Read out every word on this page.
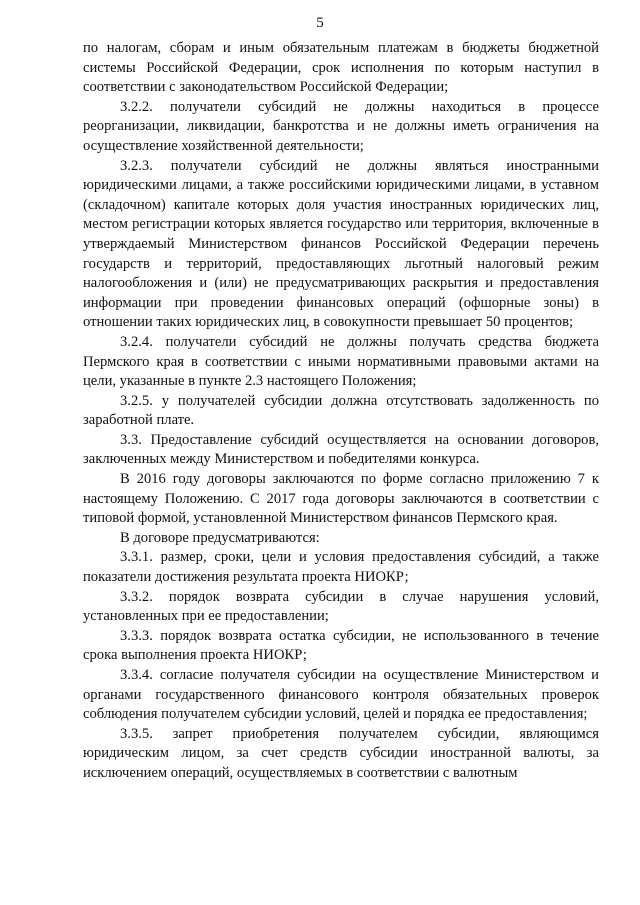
5

по налогам, сборам и иным обязательным платежам в бюджеты бюджетной системы Российской Федерации, срок исполнения по которым наступил в соответствии с законодательством Российской Федерации;

3.2.2. получатели субсидий не должны находиться в процессе реорганизации, ликвидации, банкротства и не должны иметь ограничения на осуществление хозяйственной деятельности;

3.2.3. получатели субсидий не должны являться иностранными юридическими лицами, а также российскими юридическими лицами, в уставном (складочном) капитале которых доля участия иностранных юридических лиц, местом регистрации которых является государство или территория, включенные в утверждаемый Министерством финансов Российской Федерации перечень государств и территорий, предоставляющих льготный налоговый режим налогообложения и (или) не предусматривающих раскрытия и предоставления информации при проведении финансовых операций (офшорные зоны) в отношении таких юридических лиц, в совокупности превышает 50 процентов;

3.2.4. получатели субсидий не должны получать средства бюджета Пермского края в соответствии с иными нормативными правовыми актами на цели, указанные в пункте 2.3 настоящего Положения;

3.2.5. у получателей субсидии должна отсутствовать задолженность по заработной плате.

3.3. Предоставление субсидий осуществляется на основании договоров, заключенных между Министерством и победителями конкурса.

В 2016 году договоры заключаются по форме согласно приложению 7 к настоящему Положению. С 2017 года договоры заключаются в соответствии с типовой формой, установленной Министерством финансов Пермского края.

В договоре предусматриваются:

3.3.1. размер, сроки, цели и условия предоставления субсидий, а также показатели достижения результата проекта НИОКР;

3.3.2. порядок возврата субсидии в случае нарушения условий, установленных при ее предоставлении;

3.3.3. порядок возврата остатка субсидии, не использованного в течение срока выполнения проекта НИОКР;

3.3.4. согласие получателя субсидии на осуществление Министерством и органами государственного финансового контроля обязательных проверок соблюдения получателем субсидии условий, целей и порядка ее предоставления;

3.3.5. запрет приобретения получателем субсидии, являющимся юридическим лицом, за счет средств субсидии иностранной валюты, за исключением операций, осуществляемых в соответствии с валютным
